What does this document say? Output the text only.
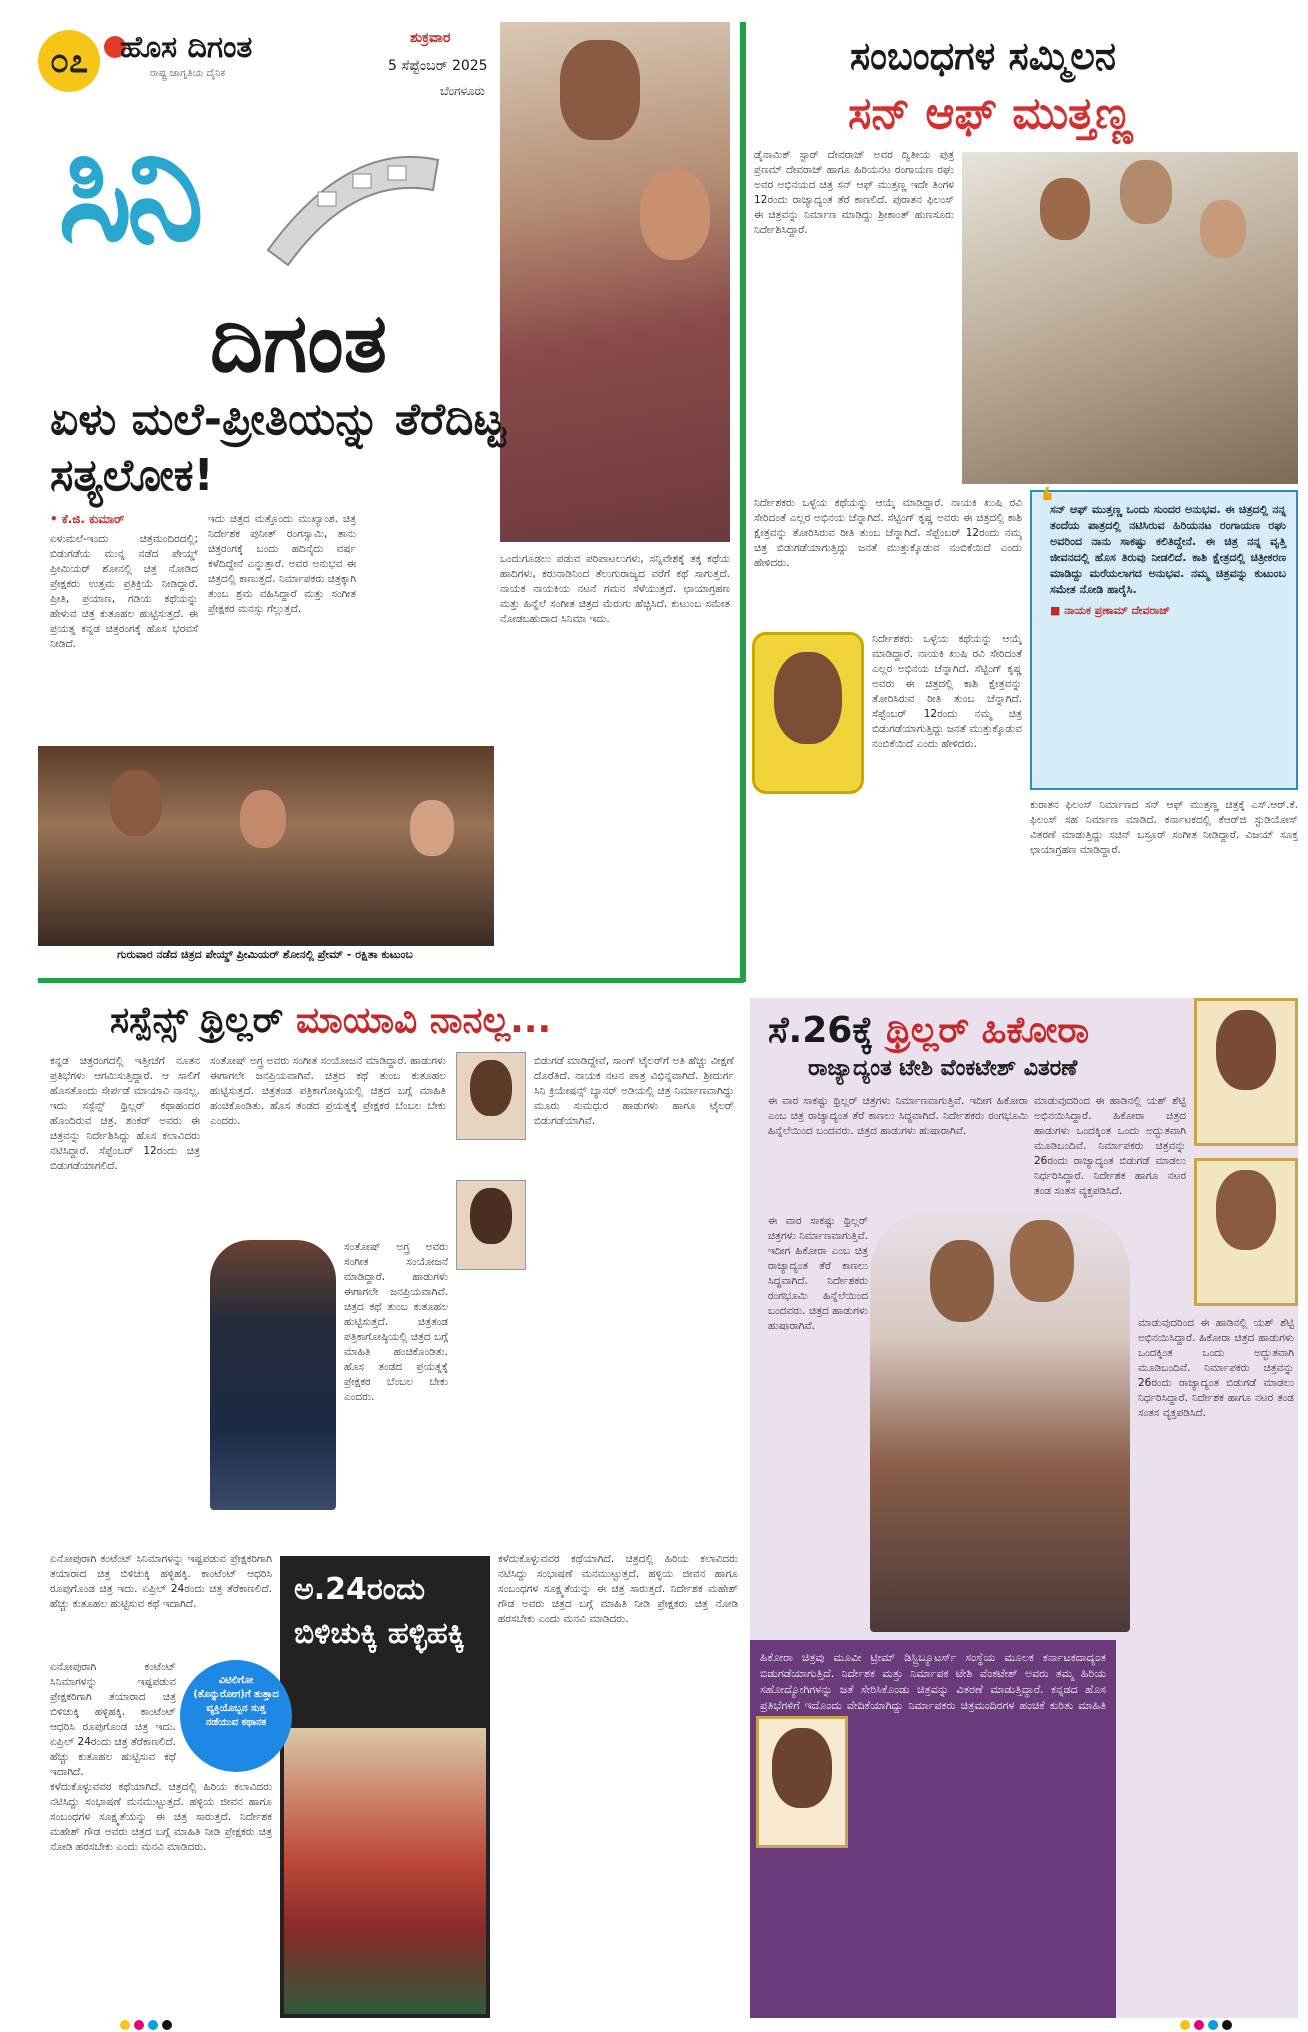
೦೭	ಹೊಸ ದಿಗಂತ
ರಾಷ್ಟ್ರ ಜಾಗೃತಿಯ ದೈನಿಕ
ಶುಕ್ರವಾರ
5 ಸೆಪ್ಟೆಂಬರ್ 2025
ಬೆಂಗಳೂರು
ಸಿನಿ
ದಿಗಂತ
ಏಳು ಮಲೆ-ಪ್ರೀತಿಯನ್ನು ತೆರೆದಿಟ್ಟ ಸತ್ಯಲೋಕ!
• ಕೆ.ಜಿ. ಕುಮಾರ್

ಏಳುಮಲೆ-ಇಂದು ಚಿತ್ರಮಂದಿರದಲ್ಲಿ; ಬಿಡುಗಡೆಯ ಮುನ್ನ ನಡೆದ ಪೇಯ್ಡ್ ಪ್ರೀಮಿಯರ್ ಶೋನಲ್ಲಿ ಚಿತ್ರ ನೋಡಿದ ಪ್ರೇಕ್ಷಕರು ಉತ್ತಮ ಪ್ರತಿಕ್ರಿಯೆ ನೀಡಿದ್ದಾರೆ. ಪ್ರೀತಿ, ಪ್ರಯಾಣ, ಗಡಿಯ ಕಥೆಯನ್ನು ಹೇಳುವ ಚಿತ್ರ ಕುತೂಹಲ ಹುಟ್ಟಿಸುತ್ತದೆ. ಈ ಪ್ರಯತ್ನ ಕನ್ನಡ ಚಿತ್ರರಂಗಕ್ಕೆ ಹೊಸ ಭರವಸೆ ನೀಡಿದೆ.

ಇದು ಚಿತ್ರದ ಮತ್ತೊಂದು ಮುಖ್ಯಾಂಶ. ಚಿತ್ರ ನಿರ್ದೇಶಕ ಪುನೀತ್ ರಂಗಸ್ವಾಮಿ, ತಾನು ಚಿತ್ರರಂಗಕ್ಕೆ ಬಂದು ಹದಿನೈದು ವರ್ಷ ಕಳೆದಿದ್ದೇನೆ ಎನ್ನುತ್ತಾರೆ. ಅವರ ಅನುಭವ ಈ ಚಿತ್ರದಲ್ಲಿ ಕಾಣುತ್ತದೆ. ನಿರ್ಮಾಪಕರು ಚಿತ್ರಕ್ಕಾಗಿ ತುಂಬ ಶ್ರಮ ವಹಿಸಿದ್ದಾರೆ ಮತ್ತು ಸಂಗೀತ ಪ್ರೇಕ್ಷಕರ ಮನಸ್ಸು ಗೆಲ್ಲುತ್ತದೆ.

ಒಂದುಗೂಡಲು ಪಡುವ ಪರಿಪಾಟಲುಗಳು, ಸನ್ನಿವೇಶಕ್ಕೆ ತಕ್ಕ ಕಥೆಯ ಹಾದಿಗಳು, ಕರುನಾಡಿನಿಂದ ತೆಲುಗುರಾಜ್ಯದ ವರೆಗೆ ಕಥೆ ಸಾಗುತ್ತದೆ. ನಾಯಕ ನಾಯಕಿಯ ನಟನೆ ಗಮನ ಸೆಳೆಯುತ್ತದೆ. ಛಾಯಾಗ್ರಹಣ ಮತ್ತು ಹಿನ್ನೆಲೆ ಸಂಗೀತ ಚಿತ್ರದ ಮೆರುಗು ಹೆಚ್ಚಿಸಿದೆ. ಕುಟುಂಬ ಸಮೇತ ನೋಡಬಹುದಾದ ಸಿನಿಮಾ ಇದು.

ಗುರುವಾರ ನಡೆದ ಚಿತ್ರದ ಪೇಯ್ಡ್ ಪ್ರೀಮಿಯರ್ ಶೋನಲ್ಲಿ ಪ್ರೇಮ್ - ರಕ್ಷಿತಾ ಕುಟುಂಬ
ಸಂಬಂಧಗಳ ಸಮ್ಮಿಲನ
ಸನ್ ಆಫ್ ಮುತ್ತಣ್ಣ

ಡೈನಾಮಿಕ್ ಸ್ಟಾರ್ ದೇವರಾಜ್ ಅವರ ದ್ವಿತೀಯ ಪುತ್ರ ಪ್ರಣಮ್ ದೇವರಾಜ್ ಹಾಗೂ ಹಿರಿಯನಟ ರಂಗಾಯಣ ರಘು ಅವರ ಅಭಿನಯದ ಚಿತ್ರ ಸನ್ ಆಫ್ ಮುತ್ತಣ್ಣ ಇದೇ ತಿಂಗಳ 12ರಂದು ರಾಜ್ಯಾದ್ಯಂತ ತೆರೆ ಕಾಣಲಿದೆ. ಪುರಾತನ ಫಿಲಂಸ್ ಈ ಚಿತ್ರವನ್ನು ನಿರ್ಮಾಣ ಮಾಡಿದ್ದು ಶ್ರೀಕಾಂತ್ ಹುಣಸೂರು ನಿರ್ದೇಶಿಸಿದ್ದಾರೆ.

ನಿರ್ದೇಶಕರು ಒಳ್ಳೆಯ ಕಥೆಯನ್ನು ಆಯ್ಕೆ ಮಾಡಿದ್ದಾರೆ. ನಾಯಕಿ ಖುಷಿ ರವಿ ಸೇರಿದಂತೆ ಎಲ್ಲರ ಅಭಿನಯ ಚೆನ್ನಾಗಿದೆ. ಸೆಟ್ಟಿಂಗ್ ಕೃಷ್ಣ ಅವರು ಈ ಚಿತ್ರದಲ್ಲಿ ಕಾಶಿ ಕ್ಷೇತ್ರವನ್ನು ತೋರಿಸಿರುವ ರೀತಿ ತುಂಬ ಚೆನ್ನಾಗಿದೆ. ಸೆಪ್ಟೆಂಬರ್ 12ರಂದು ನಮ್ಮ ಚಿತ್ರ ಬಿಡುಗಡೆಯಾಗುತ್ತಿದ್ದು ಜನತೆ ಮುತ್ತುಕ್ಕೊಡುವ ನಂಬಿಕೆಯಿದೆ ಎಂದು ಹೇಳಿದರು.

ಸನ್ ಆಫ್ ಮುತ್ತಣ್ಣ ಒಂದು ಸುಂದರ ಅನುಭವ. ಈ ಚಿತ್ರದಲ್ಲಿ ನನ್ನ ತಂದೆಯ ಪಾತ್ರದಲ್ಲಿ ನಟಿಸಿರುವ ಹಿರಿಯನಟ ರಂಗಾಯಣ ರಘು ಅವರಿಂದ ನಾನು ಸಾಕಷ್ಟು ಕಲಿತಿದ್ದೇನೆ. ಈ ಚಿತ್ರ ನನ್ನ ವೃತ್ತಿ ಜೀವನದಲ್ಲಿ ಹೊಸ ತಿರುವು ನೀಡಲಿದೆ. ಕಾಶಿ ಕ್ಷೇತ್ರದಲ್ಲಿ ಚಿತ್ರೀಕರಣ ಮಾಡಿದ್ದು ಮರೆಯಲಾಗದ ಅನುಭವ. ನಮ್ಮ ಚಿತ್ರವನ್ನು ಕುಟುಂಬ ಸಮೇತ ನೋಡಿ ಹಾರೈಸಿ.
■ ನಾಯಕ ಪ್ರಣಾಮ್ ದೇವರಾಜ್
❛

ನಿರ್ದೇಶಕರು ಒಳ್ಳೆಯ ಕಥೆಯನ್ನು ಆಯ್ಕೆ ಮಾಡಿದ್ದಾರೆ. ನಾಯಕಿ ಖುಷಿ ರವಿ ಸೇರಿದಂತೆ ಎಲ್ಲರ ಅಭಿನಯ ಚೆನ್ನಾಗಿದೆ. ಸೆಟ್ಟಿಂಗ್ ಕೃಷ್ಣ ಅವರು ಈ ಚಿತ್ರದಲ್ಲಿ ಕಾಶಿ ಕ್ಷೇತ್ರವನ್ನು ತೋರಿಸಿರುವ ರೀತಿ ತುಂಬ ಚೆನ್ನಾಗಿದೆ. ಸೆಪ್ಟೆಂಬರ್ 12ರಂದು ನಮ್ಮ ಚಿತ್ರ ಬಿಡುಗಡೆಯಾಗುತ್ತಿದ್ದು ಜನತೆ ಮುತ್ತುಕ್ಕೊಡುವ ನಂಬಿಕೆಯಿದೆ ಎಂದು ಹೇಳಿದರು.

ಕುರಾತನ ಫಿಲಂಸ್ ನಿರ್ಮಾಣದ ಸನ್ ಆಫ್ ಮುತ್ತಣ್ಣ ಚಿತ್ರಕ್ಕೆ ಎಸ್.ಆರ್.ಕೆ. ಫಿಲಂಸ್ ಸಹ ನಿರ್ಮಾಣ ಮಾಡಿದೆ. ಕರ್ನಾಟಕದಲ್ಲಿ ಕೆಆರ್‌ಜಿ ಸ್ಟುಡಿಯೋಸ್ ವಿತರಣೆ ಮಾಡುತ್ತಿದ್ದು ಸಚಿನ್ ಬಸ್ರೂರ್ ಸಂಗೀತ ನೀಡಿದ್ದಾರೆ. ವಿಜಯ್ ಸೂಕ್ತ ಛಾಯಾಗ್ರಹಣ ಮಾಡಿದ್ದಾರೆ.

ಸಸ್ಪೆನ್ಸ್ ಥ್ರಿಲ್ಲರ್ ಮಾಯಾವಿ ನಾನಲ್ಲ...

ಕನ್ನಡ ಚಿತ್ರರಂಗದಲ್ಲಿ ಇತ್ತೀಚೆಗೆ ನೂತನ ಪ್ರತಿಭೆಗಳು ಆಗಮಿಸುತ್ತಿದ್ದಾರೆ. ಆ ಸಾಲಿಗೆ ಹೊಸತೊಂದು ಸೇರ್ಪಡೆ ಮಾಯಾವಿ ನಾನಲ್ಲ. ಇದು ಸಸ್ಪೆನ್ಸ್ ಥ್ರಿಲ್ಲರ್ ಕಥಾಹಂದರ ಹೊಂದಿರುವ ಚಿತ್ರ. ಶಂಕರ್ ಅವರು ಈ ಚಿತ್ರವನ್ನು ನಿರ್ದೇಶಿಸಿದ್ದು ಹೊಸ ಕಲಾವಿದರು ನಟಿಸಿದ್ದಾರೆ. ಸೆಪ್ಟೆಂಬರ್ 12ರಂದು ಚಿತ್ರ ಬಿಡುಗಡೆಯಾಗಲಿದೆ.

ಸಂತೋಷ್ ಅಗ್ರ್ರ ಅವರು ಸಂಗೀತ ಸಂಯೋಜನೆ ಮಾಡಿದ್ದಾರೆ. ಹಾಡುಗಳು ಈಗಾಗಲೇ ಜನಪ್ರಿಯವಾಗಿವೆ. ಚಿತ್ರದ ಕಥೆ ತುಂಬ ಕುತೂಹಲ ಹುಟ್ಟಿಸುತ್ತದೆ. ಚಿತ್ರತಂಡ ಪತ್ರಿಕಾಗೋಷ್ಠಿಯಲ್ಲಿ ಚಿತ್ರದ ಬಗ್ಗೆ ಮಾಹಿತಿ ಹಂಚಿಕೊಂಡಿತು. ಹೊಸ ತಂಡದ ಪ್ರಯತ್ನಕ್ಕೆ ಪ್ರೇಕ್ಷಕರ ಬೆಂಬಲ ಬೇಕು ಎಂದರು.

ಸಂತೋಷ್ ಅಗ್ರ್ರ ಅವರು ಸಂಗೀತ ಸಂಯೋಜನೆ ಮಾಡಿದ್ದಾರೆ. ಹಾಡುಗಳು ಈಗಾಗಲೇ ಜನಪ್ರಿಯವಾಗಿವೆ. ಚಿತ್ರದ ಕಥೆ ತುಂಬ ಕುತೂಹಲ ಹುಟ್ಟಿಸುತ್ತದೆ. ಚಿತ್ರತಂಡ ಪತ್ರಿಕಾಗೋಷ್ಠಿಯಲ್ಲಿ ಚಿತ್ರದ ಬಗ್ಗೆ ಮಾಹಿತಿ ಹಂಚಿಕೊಂಡಿತು. ಹೊಸ ತಂಡದ ಪ್ರಯತ್ನಕ್ಕೆ ಪ್ರೇಕ್ಷಕರ ಬೆಂಬಲ ಬೇಕು ಎಂದರು.

ಬಿಡುಗಡೆ ಮಾಡಿದ್ದೇವೆ, ಸಾಂಗ್ ಟೈಲರ್‌ಗೆ ಅತಿ ಹೆಚ್ಚು ವೀಕ್ಷಣೆ ದೊರೆತಿದೆ. ನಾಯಕ ನಟನ ಪಾತ್ರ ವಿಭಿನ್ನವಾಗಿದೆ. ಶ್ರೀದುರ್ಗ ಸಿನಿ ಕ್ರಿಯೇಷನ್ಸ್ ಬ್ಯಾನರ್ ಅಡಿಯಲ್ಲಿ ಚಿತ್ರ ನಿರ್ಮಾಣವಾಗಿದ್ದು ಮೂರು ಸುಮಧುರ ಹಾಡುಗಳು ಹಾಗೂ ಟೈಲರ್ ಬಿಡುಗಡೆಯಾಗಿವೆ.

ಸೆ.26ಕ್ಕೆ ಥ್ರಿಲ್ಲರ್ ಹಿಕೋರಾ
ರಾಜ್ಯಾದ್ಯಂತ ಟೇಶಿ ವೆಂಕಟೇಶ್ ವಿತರಣೆ

ಈ ವಾರ ಸಾಕಷ್ಟು ಥ್ರಿಲ್ಲರ್ ಚಿತ್ರಗಳು ನಿರ್ಮಾಣವಾಗುತ್ತಿವೆ. ಇದೀಗ ಹಿಕೋರಾ ಎಂಬ ಚಿತ್ರ ರಾಜ್ಯಾದ್ಯಂತ ತೆರೆ ಕಾಣಲು ಸಿದ್ಧವಾಗಿದೆ. ನಿರ್ದೇಶಕರು ರಂಗಭೂಮಿ ಹಿನ್ನೆಲೆಯಿಂದ ಬಂದವರು. ಚಿತ್ರದ ಹಾಡುಗಳು ಹುಷಾರಾಗಿವೆ.

ಈ ವಾರ ಸಾಕಷ್ಟು ಥ್ರಿಲ್ಲರ್ ಚಿತ್ರಗಳು ನಿರ್ಮಾಣವಾಗುತ್ತಿವೆ. ಇದೀಗ ಹಿಕೋರಾ ಎಂಬ ಚಿತ್ರ ರಾಜ್ಯಾದ್ಯಂತ ತೆರೆ ಕಾಣಲು ಸಿದ್ಧವಾಗಿದೆ. ನಿರ್ದೇಶಕರು ರಂಗಭೂಮಿ ಹಿನ್ನೆಲೆಯಿಂದ ಬಂದವರು. ಚಿತ್ರದ ಹಾಡುಗಳು ಹುಷಾರಾಗಿವೆ.

ಮಾಡುವುದರಿಂದ ಈ ಹಾಡಿನಲ್ಲಿ ಯಶ್ ಶೆಟ್ಟಿ ಅಭಿನಯಿಸಿದ್ದಾರೆ. ಹಿಕೋರಾ ಚಿತ್ರದ ಹಾಡುಗಳು ಒಂದಕ್ಕಿಂತ ಒಂದು ಅದ್ಭುತವಾಗಿ ಮೂಡಿಬಂದಿವೆ. ನಿರ್ಮಾಪಕರು ಚಿತ್ರವನ್ನು 26ರಂದು ರಾಜ್ಯಾದ್ಯಂತ ಬಿಡುಗಡೆ ಮಾಡಲು ನಿರ್ಧರಿಸಿದ್ದಾರೆ. ನಿರ್ದೇಶಕ ಹಾಗೂ ನಟರ ತಂಡ ಸಂತಸ ವ್ಯಕ್ತಪಡಿಸಿದೆ.

ಮಾಡುವುದರಿಂದ ಈ ಹಾಡಿನಲ್ಲಿ ಯಶ್ ಶೆಟ್ಟಿ ಅಭಿನಯಿಸಿದ್ದಾರೆ. ಹಿಕೋರಾ ಚಿತ್ರದ ಹಾಡುಗಳು ಒಂದಕ್ಕಿಂತ ಒಂದು ಅದ್ಭುತವಾಗಿ ಮೂಡಿಬಂದಿವೆ. ನಿರ್ಮಾಪಕರು ಚಿತ್ರವನ್ನು 26ರಂದು ರಾಜ್ಯಾದ್ಯಂತ ಬಿಡುಗಡೆ ಮಾಡಲು ನಿರ್ಧರಿಸಿದ್ದಾರೆ. ನಿರ್ದೇಶಕ ಹಾಗೂ ನಟರ ತಂಡ ಸಂತಸ ವ್ಯಕ್ತಪಡಿಸಿದೆ.

ಹಿಕೋರಾ ಚಿತ್ರವು ಮೂವೀ ಟ್ರೀಮ್ ಡಿಸ್ಟ್ರಿಬ್ಯೂಟರ್ಸ್ ಸಂಸ್ಥೆಯ ಮೂಲಕ ಕರ್ನಾಟಕದಾದ್ಯಂತ ಬಿಡುಗಡೆಯಾಗುತ್ತಿದೆ. ನಿರ್ದೇಶಕ ಮತ್ತು ನಿರ್ಮಾಪಕ ಟೇಶಿ ವೆಂಕಟೇಶ್ ಅವರು ತಮ್ಮ ಹಿರಿಯ ಸಹೋದ್ಯೋಗಿಗಳನ್ನು ಜತೆ ಸೇರಿಸಿಕೊಂಡು ಚಿತ್ರವನ್ನು ವಿತರಣೆ ಮಾಡುತ್ತಿದ್ದಾರೆ. ಕನ್ನಡದ ಹೊಸ ಪ್ರತಿಭೆಗಳಿಗೆ ಇದೊಂದು ವೇದಿಕೆಯಾಗಿದ್ದು ನಿರ್ಮಾಪಕರು ಚಿತ್ರಮಂದಿರಗಳ ಹಂಚಿಕೆ ಕುರಿತು ಮಾಹಿತಿ

ಏನೋಪುರಾಗಿ ಕಂಟೆಂಟ್ ಸಿನಿಮಾಗಳನ್ನು ಇಷ್ಟಪಡುವ ಪ್ರೇಕ್ಷಕರಿಗಾಗಿ ತಯಾರಾದ ಚಿತ್ರ ಬಿಳಿಚುಕ್ಕಿ ಹಳ್ಳಿಹಕ್ಕಿ. ಕಾಂಟೆಂಟ್ ಆಧರಿಸಿ ರೂಪುಗೊಂಡ ಚಿತ್ರ ಇದು. ಏಪ್ರಿಲ್ 24ರಂದು ಚಿತ್ರ ತೆರೆಕಾಣಲಿದೆ. ಹೆಚ್ಚು ಕುತೂಹಲ ಹುಟ್ಟಿಸುವ ಕಥೆ ಇದಾಗಿದೆ.

ಏನೋಪುರಾಗಿ ಕಂಟೆಂಟ್ ಸಿನಿಮಾಗಳನ್ನು ಇಷ್ಟಪಡುವ ಪ್ರೇಕ್ಷಕರಿಗಾಗಿ ತಯಾರಾದ ಚಿತ್ರ ಬಿಳಿಚುಕ್ಕಿ ಹಳ್ಳಿಹಕ್ಕಿ. ಕಾಂಟೆಂಟ್ ಆಧರಿಸಿ ರೂಪುಗೊಂಡ ಚಿತ್ರ ಇದು. ಏಪ್ರಿಲ್ 24ರಂದು ಚಿತ್ರ ತೆರೆಕಾಣಲಿದೆ. ಹೆಚ್ಚು ಕುತೂಹಲ ಹುಟ್ಟಿಸುವ ಕಥೆ ಇದಾಗಿದೆ.

ಕಳೆದುಕೊಳ್ಳುವವರ ಕಥೆಯಾಗಿದೆ. ಚಿತ್ರದಲ್ಲಿ ಹಿರಿಯ ಕಲಾವಿದರು ನಟಿಸಿದ್ದು ಸಂಭಾಷಣೆ ಮನಮುಟ್ಟುತ್ತದೆ. ಹಳ್ಳಿಯ ಜೀವನ ಹಾಗೂ ಸಂಬಂಧಗಳ ಸೂಕ್ಷ್ಮತೆಯನ್ನು ಈ ಚಿತ್ರ ಸಾರುತ್ತದೆ. ನಿರ್ದೇಶಕ ಮಹೇಶ್ ಗೌಡ ಅವರು ಚಿತ್ರದ ಬಗ್ಗೆ ಮಾಹಿತಿ ನೀಡಿ ಪ್ರೇಕ್ಷಕರು ಚಿತ್ರ ನೋಡಿ ಹರಸಬೇಕು ಎಂದು ಮನವಿ ಮಾಡಿದರು.

ಕಳೆದುಕೊಳ್ಳುವವರ ಕಥೆಯಾಗಿದೆ. ಚಿತ್ರದಲ್ಲಿ ಹಿರಿಯ ಕಲಾವಿದರು ನಟಿಸಿದ್ದು ಸಂಭಾಷಣೆ ಮನಮುಟ್ಟುತ್ತದೆ. ಹಳ್ಳಿಯ ಜೀವನ ಹಾಗೂ ಸಂಬಂಧಗಳ ಸೂಕ್ಷ್ಮತೆಯನ್ನು ಈ ಚಿತ್ರ ಸಾರುತ್ತದೆ. ನಿರ್ದೇಶಕ ಮಹೇಶ್ ಗೌಡ ಅವರು ಚಿತ್ರದ ಬಗ್ಗೆ ಮಾಹಿತಿ ನೀಡಿ ಪ್ರೇಕ್ಷಕರು ಚಿತ್ರ ನೋಡಿ ಹರಸಬೇಕು ಎಂದು ಮನವಿ ಮಾಡಿದರು.

ಅ.24ರಂದು ಬಿಳಿಚುಕ್ಕಿ ಹಳ್ಳಿಹಕ್ಕಿ
ವಿಟಿಲಿಗೋ (ತೊನ್ನುರೋಗ)ಗೆ ತುತ್ತಾದ ವ್ಯಕ್ತಿಯೊಬ್ಬನ ಸುತ್ತ ನಡೆಯುವ ಕಥಾನಕ
